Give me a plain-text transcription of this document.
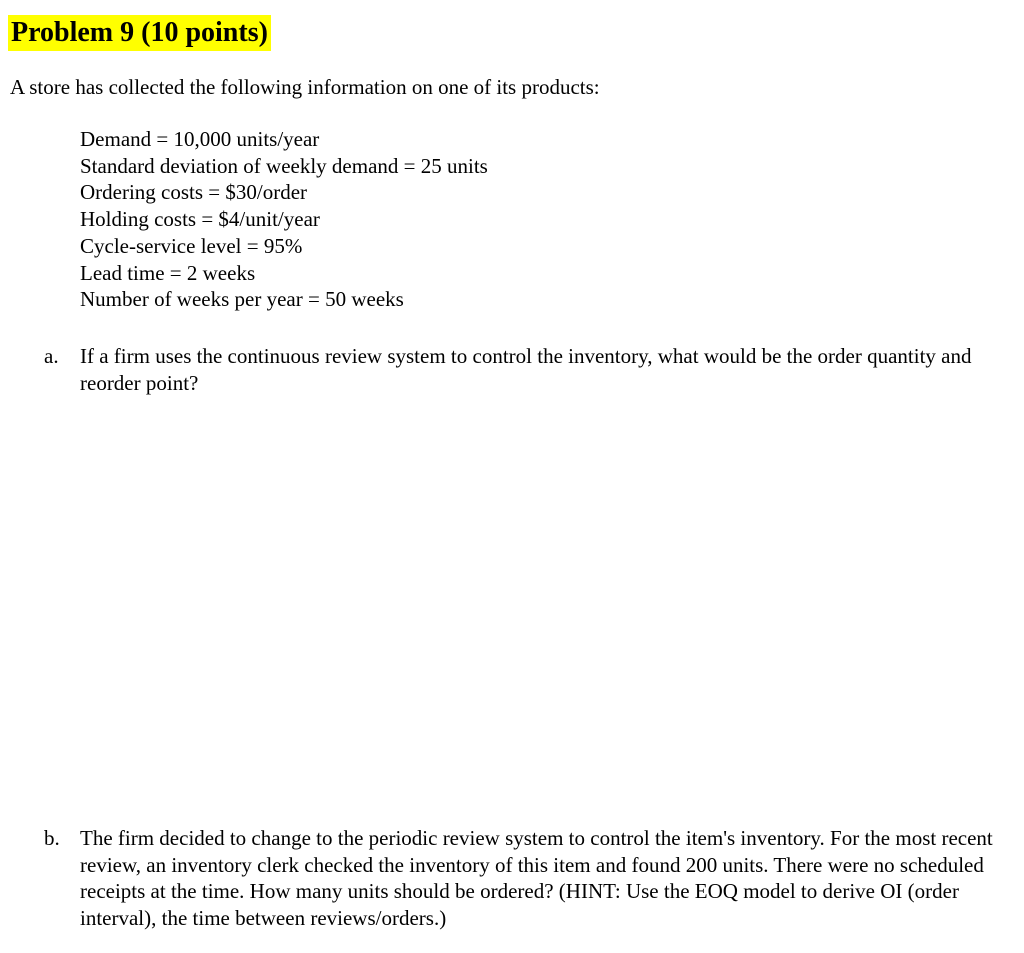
Problem 9 (10 points)
A store has collected the following information on one of its products:
Demand = 10,000 units/year
Standard deviation of weekly demand = 25 units
Ordering costs = $30/order
Holding costs = $4/unit/year
Cycle-service level = 95%
Lead time = 2 weeks
Number of weeks per year = 50 weeks
a. If a firm uses the continuous review system to control the inventory, what would be the order quantity and reorder point?
b. The firm decided to change to the periodic review system to control the item's inventory. For the most recent review, an inventory clerk checked the inventory of this item and found 200 units. There were no scheduled receipts at the time. How many units should be ordered? (HINT: Use the EOQ model to derive OI (order interval), the time between reviews/orders.)
